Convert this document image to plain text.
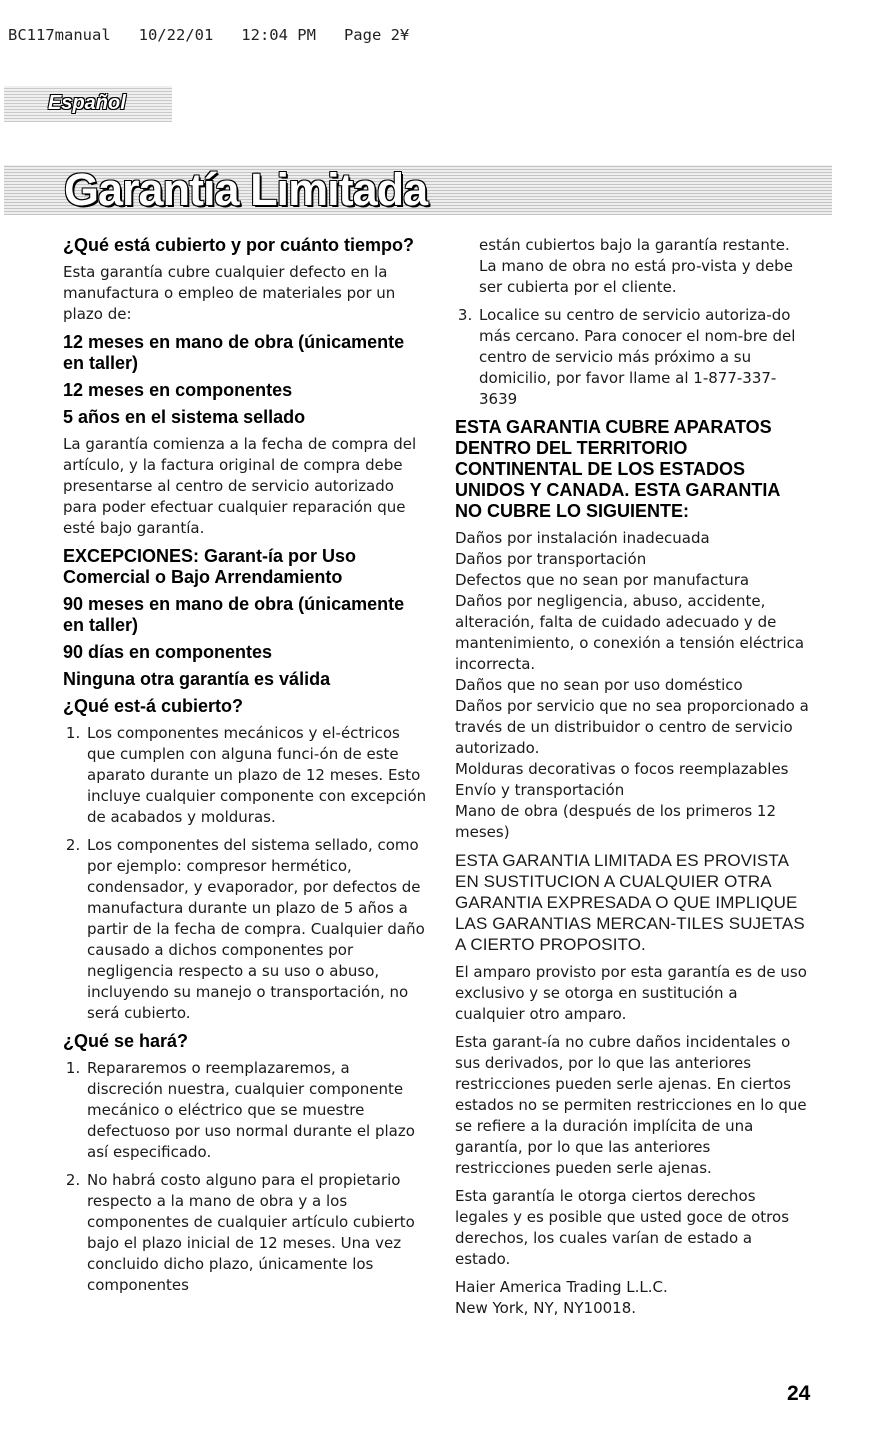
BC117manual   10/22/01   12:04 PM   Page 2¥
Español
Garantía Limitada
¿Qué está cubierto y por cuánto tiempo?

Esta garantía cubre cualquier defecto en la manufactura o empleo de materiales por un plazo de:

12 meses en mano de obra (únicamente en taller)
12 meses en componentes
5 años en el sistema sellado

La garantía comienza a la fecha de compra del artículo, y la factura original de compra debe presentarse al centro de servicio autorizado para poder efectuar cualquier reparación que esté bajo garantía.

EXCEPCIONES: Garant-ía por Uso Comercial o Bajo Arrendamiento
90 meses en mano de obra (únicamente en taller)
90 días en componentes
Ninguna otra garantía es válida
¿Qué est-á cubierto?
1. Los componentes mecánicos y el-éctricos que cumplen con alguna funci-ón de este aparato durante un plazo de 12 meses. Esto incluye cualquier componente con excepción de acabados y molduras.
2. Los componentes del sistema sellado, como por ejemplo: compresor hermético, condensador, y evaporador, por defectos de manufactura durante un plazo de 5 años a partir de la fecha de compra. Cualquier daño causado a dichos componentes por negligencia respecto a su uso o abuso, incluyendo su manejo o transportación, no será cubierto.
¿Qué se hará?
1. Repararemos o reemplazaremos, a discreción nuestra, cualquier componente mecánico o eléctrico que se muestre defectuoso por uso normal durante el plazo así especificado.
2. No habrá costo alguno para el propietario respecto a la mano de obra y a los componentes de cualquier artículo cubierto bajo el plazo inicial de 12 meses. Una vez concluido dicho plazo, únicamente los componentes

están cubiertos bajo la garantía restante. La mano de obra no está pro-vista y debe ser cubierta por el cliente.

3. Localice su centro de servicio autoriza-do más cercano. Para conocer el nom-bre del centro de servicio más próximo a su domicilio, por favor llame al 1-877-337-3639
ESTA GARANTIA CUBRE APARATOS DENTRO DEL TERRITORIO CONTINENTAL DE LOS ESTADOS UNIDOS Y CANADA. ESTA GARANTIA NO CUBRE LO SIGUIENTE:
Daños por instalación inadecuada
Daños por transportación
Defectos que no sean por manufactura
Daños por negligencia, abuso, accidente, alteración, falta de cuidado adecuado y de mantenimiento, o conexión a tensión eléctrica incorrecta.
Daños que no sean por uso doméstico
Daños por servicio que no sea proporcionado a través de un distribuidor o centro de servicio autorizado.
Molduras decorativas o focos reemplazables
Envío y transportación
Mano de obra (después de los primeros 12 meses)

ESTA GARANTIA LIMITADA ES PROVISTA EN SUSTITUCION A CUALQUIER OTRA GARANTIA EXPRESADA O QUE IMPLIQUE LAS GARANTIAS MERCAN-TILES SUJETAS A CIERTO PROPOSITO.

El amparo provisto por esta garantía es de uso exclusivo y se otorga en sustitución a cualquier otro amparo.

Esta garant-ía no cubre daños incidentales o sus derivados, por lo que las anteriores restricciones pueden serle ajenas. En ciertos estados no se permiten restricciones en lo que se refiere a la duración implícita de una garantía, por lo que las anteriores restricciones pueden serle ajenas.

Esta garantía le otorga ciertos derechos legales y es posible que usted goce de otros derechos, los cuales varían de estado a estado.

Haier America Trading L.L.C.
New York, NY, NY10018.
24
